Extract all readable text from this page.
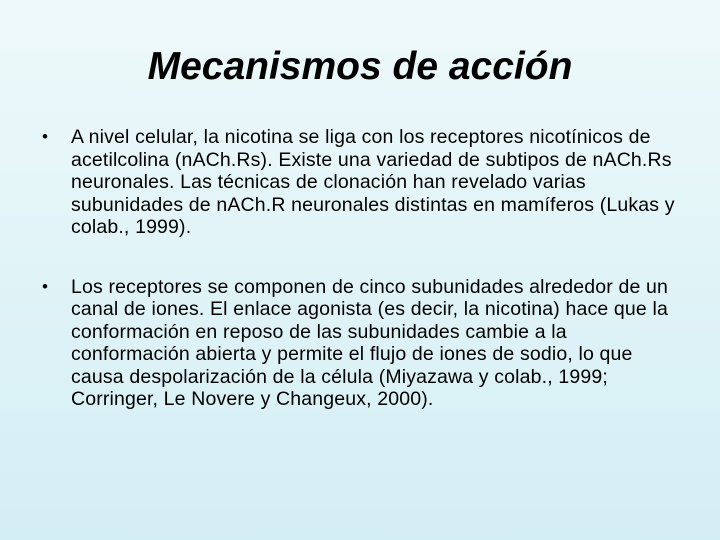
Mecanismos de acción
•	A nivel celular, la nicotina se liga con los receptores nicotínicos de acetilcolina (nACh.Rs). Existe una variedad de subtipos de nACh.Rs neuronales. Las técnicas de clonación han revelado varias subunidades de nACh.R neuronales distintas en mamíferos (Lukas y colab., 1999).
•	Los receptores se componen de cinco subunidades alrededor de un canal de iones. El enlace agonista (es decir, la nicotina) hace que la conformación en reposo de las subunidades cambie a la conformación abierta y permite el flujo de iones de sodio, lo que causa despolarización de la célula (Miyazawa y colab., 1999; Corringer, Le Novere y Changeux, 2000).
